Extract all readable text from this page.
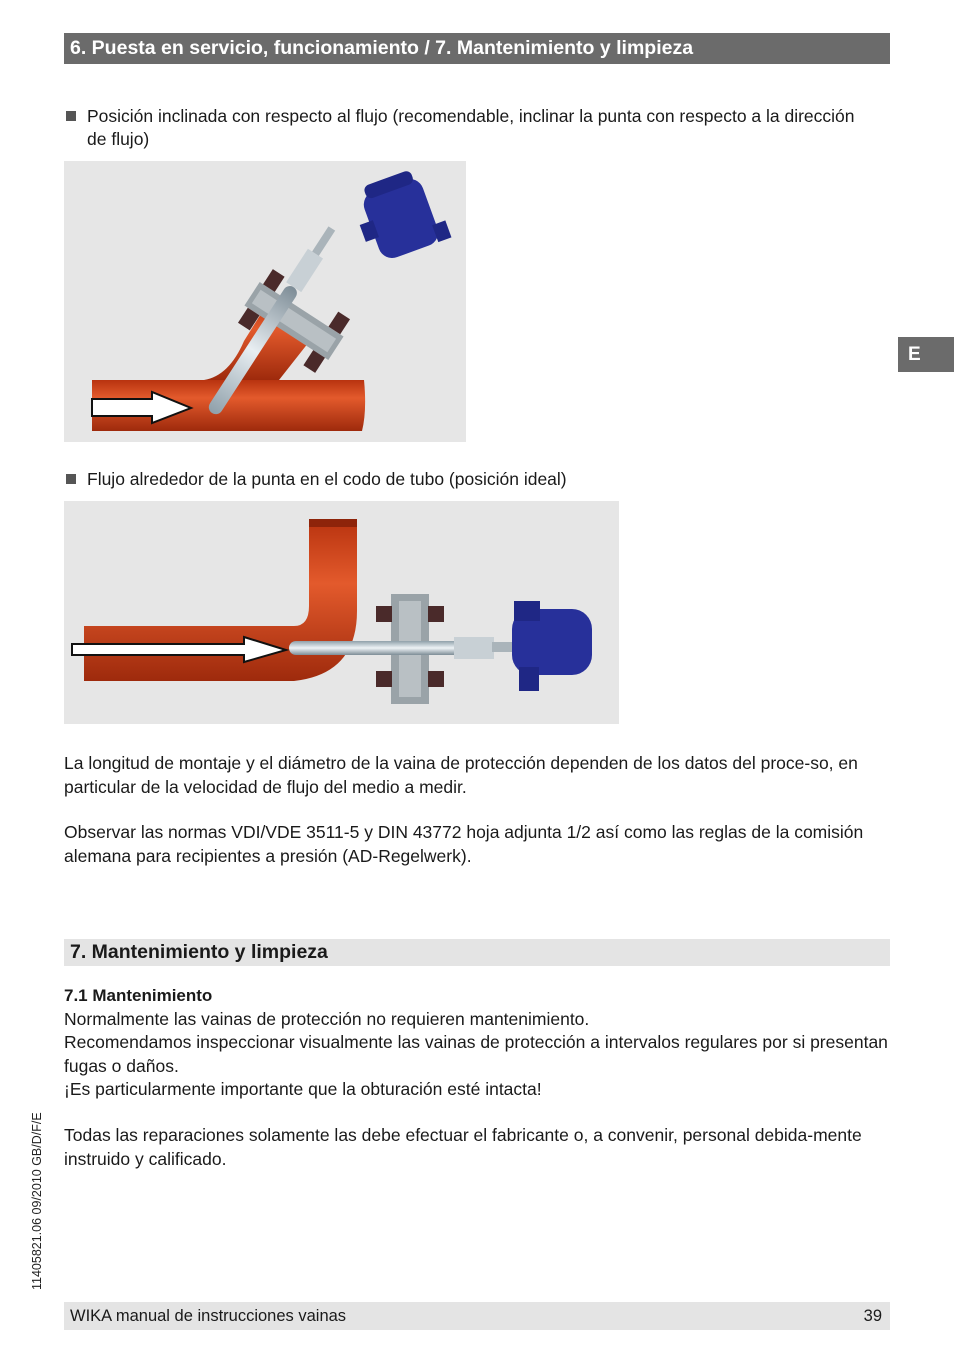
6. Puesta en servicio, funcionamiento / 7. Mantenimiento y limpieza
E
Posición inclinada con respecto al flujo (recomendable, inclinar la punta con respecto a la dirección de flujo)
Flujo alrededor de la punta en el codo de tubo (posición ideal)
La longitud de montaje y el diámetro de la vaina de protección dependen de los datos del proce-so, en particular de la velocidad de flujo del medio a medir.
Observar las normas VDI/VDE 3511-5 y DIN 43772 hoja adjunta 1/2 así como las reglas de la comisión alemana para recipientes a presión (AD-Regelwerk).
7. Mantenimiento y limpieza
7.1 Mantenimiento
Normalmente las vainas de protección no requieren mantenimiento.
Recomendamos inspeccionar visualmente las vainas de protección a intervalos regulares por si presentan fugas o daños.
¡Es particularmente importante que la obturación esté intacta!
Todas las reparaciones solamente las debe efectuar el fabricante o, a convenir, personal debida-mente instruido y calificado.
11405821.06 09/2010 GB/D/F/E
WIKA manual de instrucciones vainas	39
